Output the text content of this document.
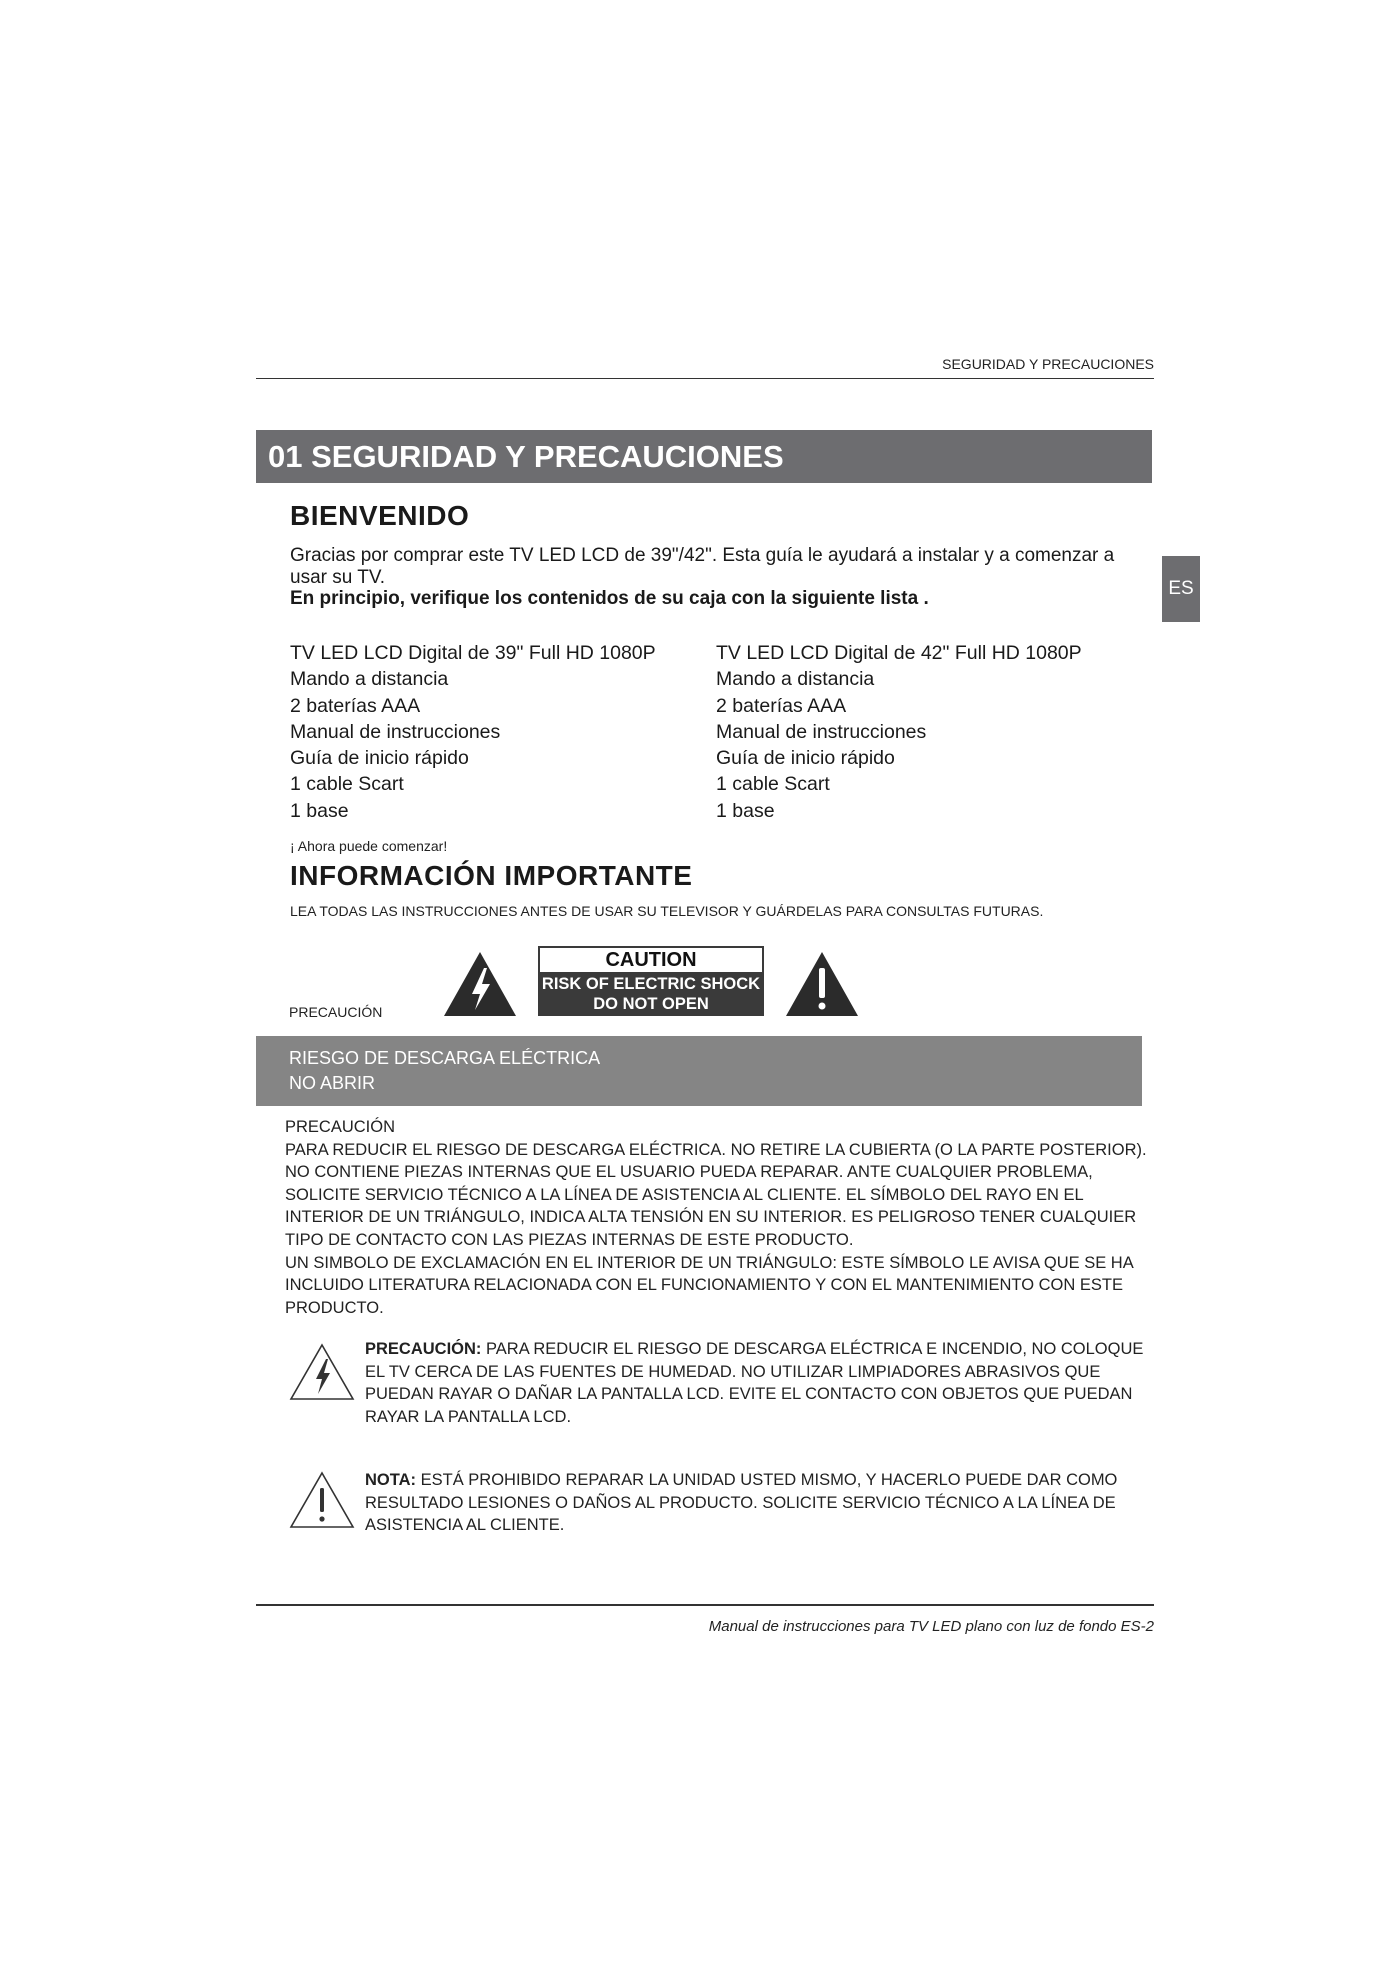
SEGURIDAD Y PRECAUCIONES
01 SEGURIDAD Y PRECAUCIONES
ES
BIENVENIDO
Gracias por comprar este TV LED LCD de 39"/42". Esta guía le ayudará a instalar y a comenzar a usar su TV.
En principio, verifique los contenidos de su caja con la siguiente lista .
TV LED LCD Digital de 39" Full HD 1080P
Mando a distancia
2 baterías AAA
Manual de instrucciones
Guía de inicio rápido
1 cable Scart
1 base
TV LED LCD Digital de 42" Full HD 1080P
Mando a distancia
2 baterías AAA
Manual de instrucciones
Guía de inicio rápido
1 cable Scart
1 base
¡ Ahora puede comenzar!
INFORMACIÓN IMPORTANTE
LEA TODAS LAS INSTRUCCIONES ANTES DE USAR SU TELEVISOR Y GUÁRDELAS PARA CONSULTAS FUTURAS.
PRECAUCIÓN
CAUTION
RISK OF ELECTRIC SHOCK
DO NOT OPEN
RIESGO DE DESCARGA ELÉCTRICA
NO ABRIR
PRECAUCIÓN
PARA REDUCIR EL RIESGO DE DESCARGA ELÉCTRICA. NO RETIRE LA CUBIERTA (O LA PARTE POSTERIOR). NO CONTIENE PIEZAS INTERNAS QUE EL USUARIO PUEDA REPARAR. ANTE CUALQUIER PROBLEMA, SOLICITE SERVICIO TÉCNICO A LA LÍNEA DE ASISTENCIA AL CLIENTE. EL SÍMBOLO DEL RAYO EN EL INTERIOR DE UN TRIÁNGULO, INDICA ALTA TENSIÓN EN SU INTERIOR. ES PELIGROSO TENER CUALQUIER TIPO DE CONTACTO CON LAS PIEZAS INTERNAS DE ESTE PRODUCTO.
UN SIMBOLO DE EXCLAMACIÓN EN EL INTERIOR DE UN TRIÁNGULO: ESTE SÍMBOLO LE AVISA QUE SE HA INCLUIDO LITERATURA RELACIONADA CON EL FUNCIONAMIENTO Y CON EL MANTENIMIENTO CON ESTE PRODUCTO.
PRECAUCIÓN: PARA REDUCIR EL RIESGO DE DESCARGA ELÉCTRICA E INCENDIO, NO COLOQUE EL TV CERCA DE LAS FUENTES DE HUMEDAD. NO UTILIZAR LIMPIADORES ABRASIVOS QUE PUEDAN RAYAR O DAÑAR LA PANTALLA LCD. EVITE EL CONTACTO CON OBJETOS QUE PUEDAN RAYAR LA PANTALLA LCD.
NOTA: ESTÁ PROHIBIDO REPARAR LA UNIDAD USTED MISMO, Y HACERLO PUEDE DAR COMO RESULTADO LESIONES O DAÑOS AL PRODUCTO. SOLICITE SERVICIO TÉCNICO A LA LÍNEA DE ASISTENCIA AL CLIENTE.
Manual de instrucciones para TV LED plano con luz de fondo ES-2
